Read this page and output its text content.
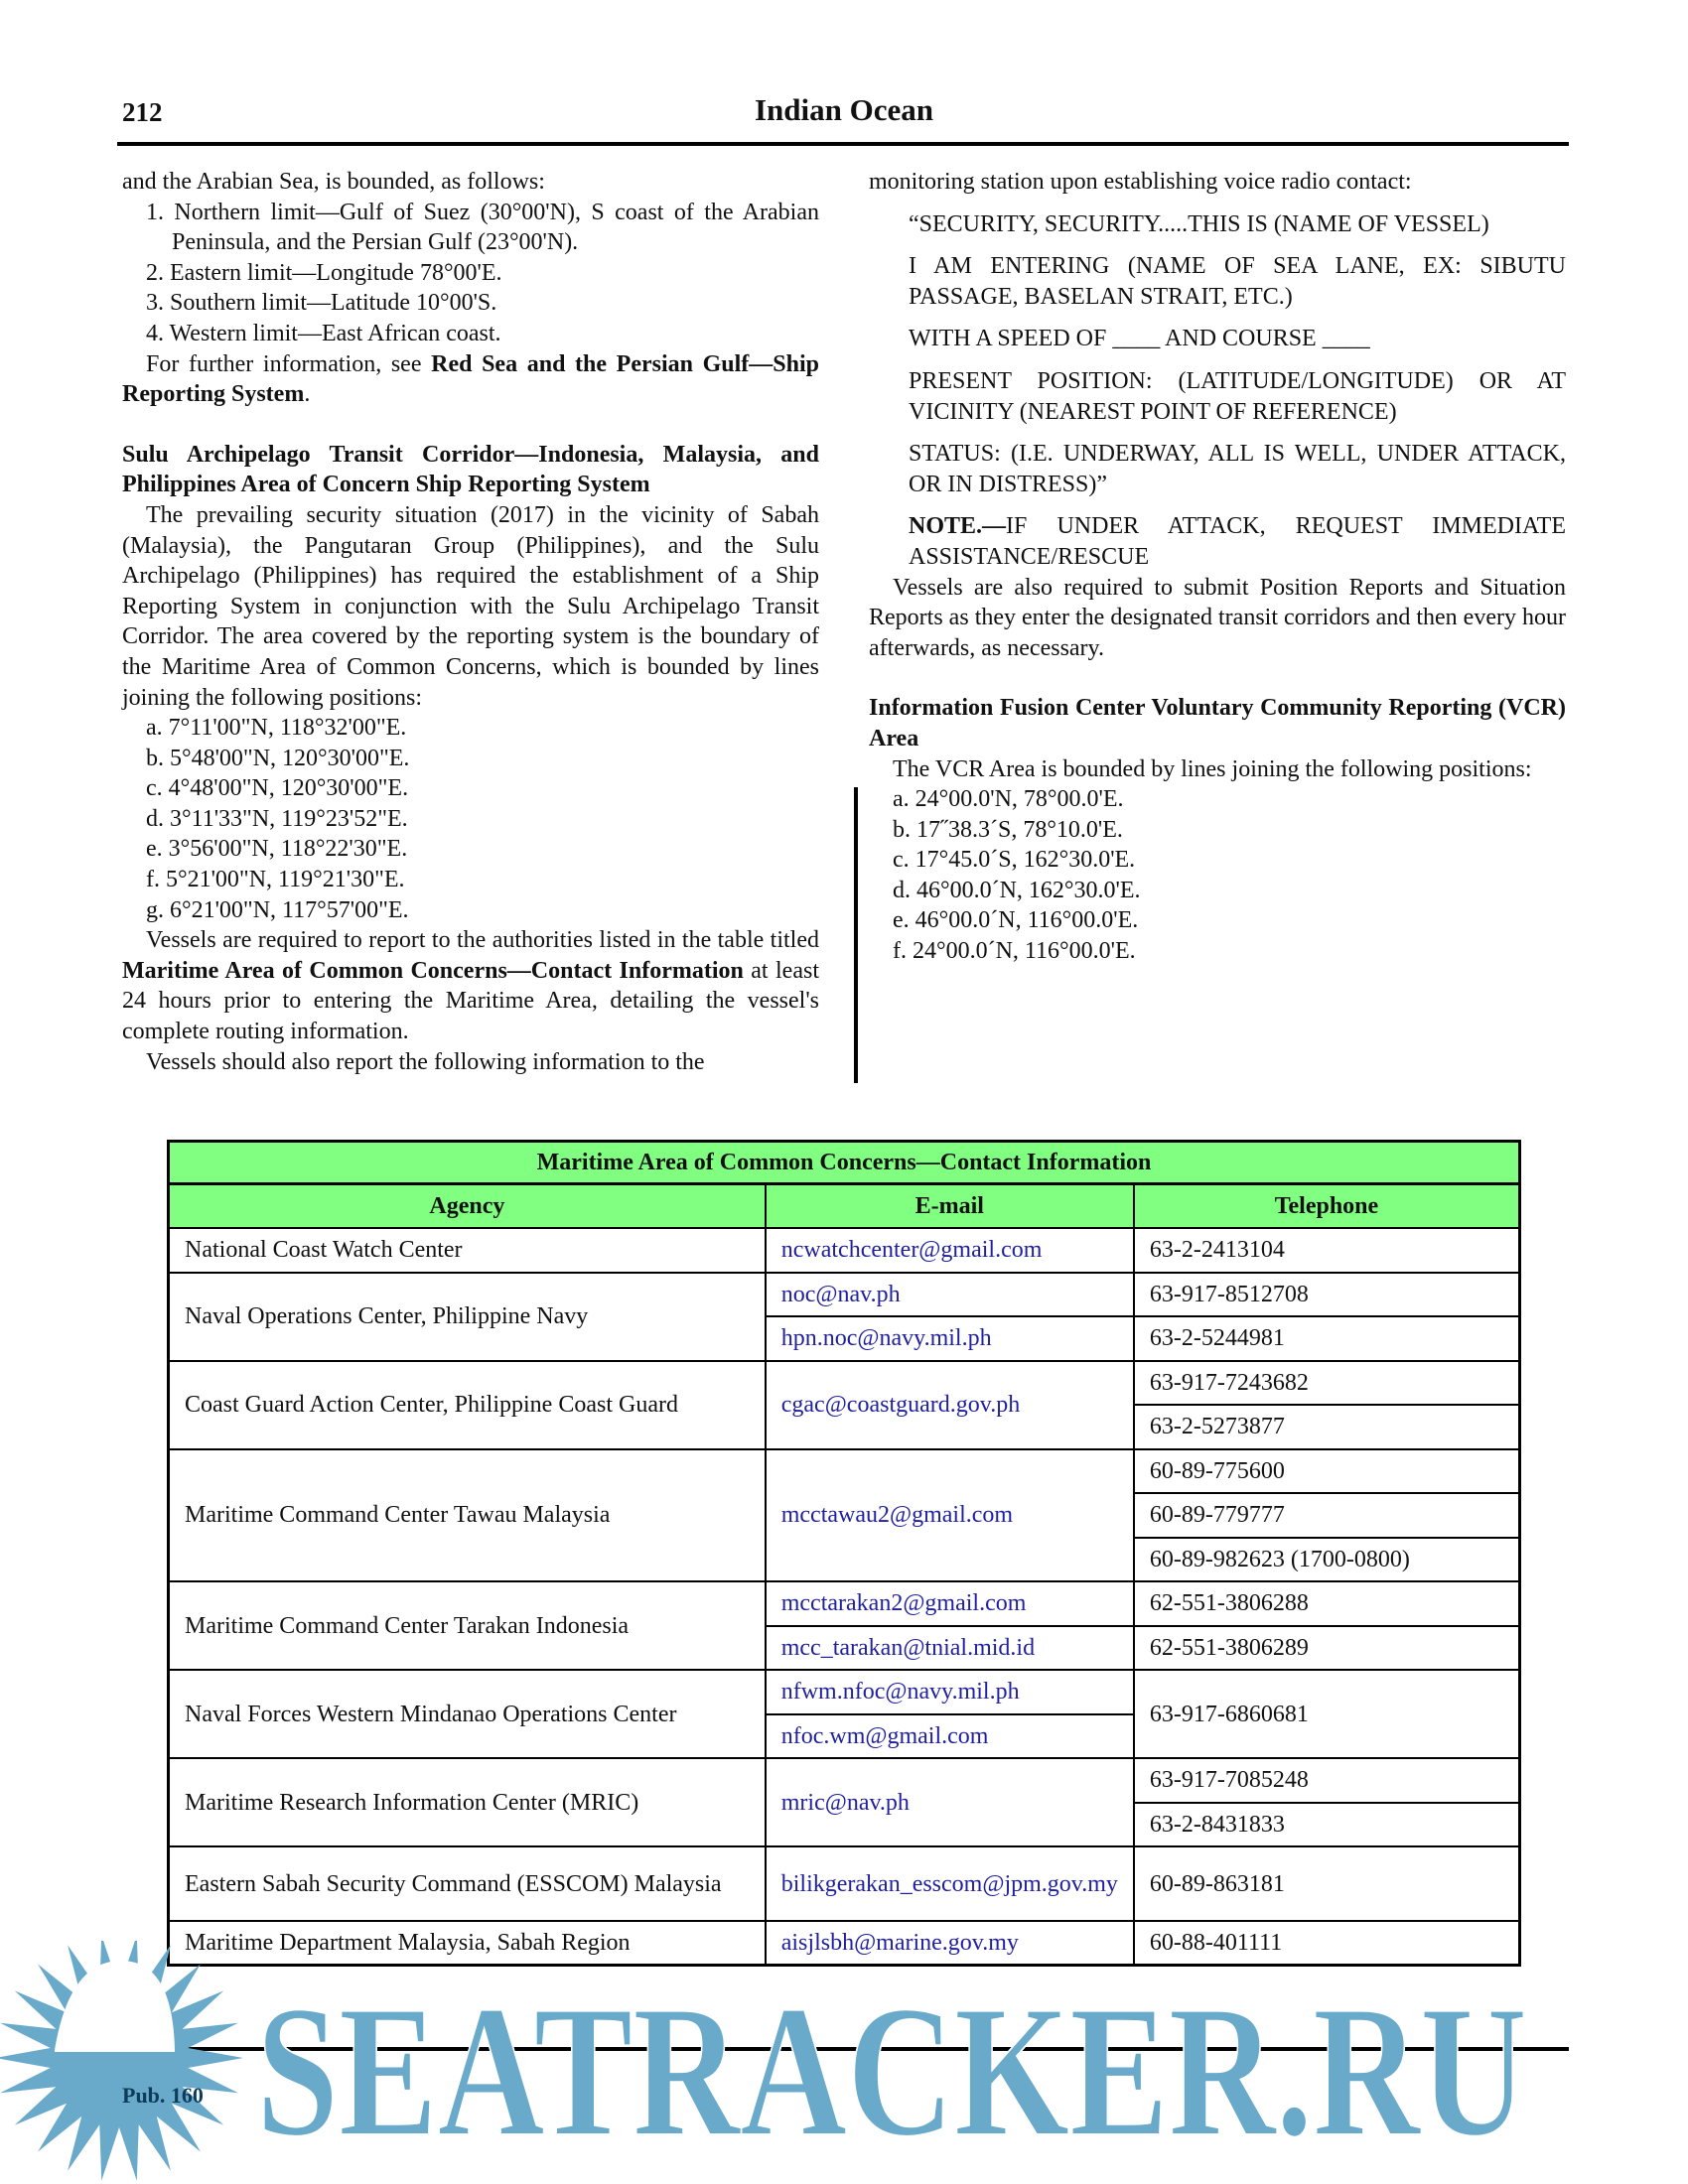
212	Indian Ocean

and the Arabian Sea, is bounded, as follows:

1. Northern limit—Gulf of Suez (30°00'N), S coast of the Arabian Peninsula, and the Persian Gulf (23°00'N).

2. Eastern limit—Longitude 78°00'E.

3. Southern limit—Latitude 10°00'S.

4. Western limit—East African coast.

For further information, see Red Sea and the Persian Gulf—Ship Reporting System.

Sulu Archipelago Transit Corridor—Indonesia, Malaysia, and Philippines Area of Concern Ship Reporting System

The prevailing security situation (2017) in the vicinity of Sabah (Malaysia), the Pangutaran Group (Philippines), and the Sulu Archipelago (Philippines) has required the establishment of a Ship Reporting System in conjunction with the Sulu Archipelago Transit Corridor. The area covered by the reporting system is the boundary of the Maritime Area of Common Concerns, which is bounded by lines joining the following positions:

a. 7°11'00"N, 118°32'00"E.

b. 5°48'00"N, 120°30'00"E.

c. 4°48'00"N, 120°30'00"E.

d. 3°11'33"N, 119°23'52"E.

e. 3°56'00"N, 118°22'30"E.

f. 5°21'00"N, 119°21'30"E.

g. 6°21'00"N, 117°57'00"E.

Vessels are required to report to the authorities listed in the table titled Maritime Area of Common Concerns—Contact Information at least 24 hours prior to entering the Maritime Area, detailing the vessel's complete routing information.

Vessels should also report the following information to the

monitoring station upon establishing voice radio contact:

“SECURITY, SECURITY.....THIS IS (NAME OF VESSEL)

I AM ENTERING (NAME OF SEA LANE, EX: SIBUTU PASSAGE, BASELAN STRAIT, ETC.)

WITH A SPEED OF ____ AND COURSE ____

PRESENT POSITION: (LATITUDE/LONGITUDE) OR AT VICINITY (NEAREST POINT OF REFERENCE)

STATUS: (I.E. UNDERWAY, ALL IS WELL, UNDER ATTACK, OR IN DISTRESS)”

NOTE.—IF UNDER ATTACK, REQUEST IMMEDIATE ASSISTANCE/RESCUE

Vessels are also required to submit Position Reports and Situation Reports as they enter the designated transit corridors and then every hour afterwards, as necessary.

Information Fusion Center Voluntary Community Reporting (VCR) Area

The VCR Area is bounded by lines joining the following positions:

a. 24°00.0'N, 78°00.0'E.

b. 17˝38.3´S, 78°10.0'E.

c. 17°45.0´S, 162°30.0'E.

d. 46°00.0´N, 162°30.0'E.

e. 46°00.0´N, 116°00.0'E.

f. 24°00.0´N, 116°00.0'E.

Maritime Area of Common Concerns—Contact Information		
Agency	E-mail	Telephone
National Coast Watch Center	ncwatchcenter@gmail.com	63-2-2413104
Naval Operations Center, Philippine Navy	noc@nav.ph	63-917-8512708
	hpn.noc@navy.mil.ph	63-2-5244981
Coast Guard Action Center, Philippine Coast Guard	cgac@coastguard.gov.ph	63-917-7243682
		63-2-5273877
Maritime Command Center Tawau Malaysia	mcctawau2@gmail.com	60-89-775600
		60-89-779777
		60-89-982623 (1700-0800)
Maritime Command Center Tarakan Indonesia	mcctarakan2@gmail.com	62-551-3806288
	mcc_tarakan@tnial.mid.id	62-551-3806289
Naval Forces Western Mindanao Operations Center	nfwm.nfoc@navy.mil.ph	63-917-6860681
	nfoc.wm@gmail.com	
Maritime Research Information Center (MRIC)	mric@nav.ph	63-917-7085248
		63-2-8431833
Eastern Sabah Security Command (ESSCOM) Malaysia	bilikgerakan_esscom@jpm.gov.my	60-89-863181
Maritime Department Malaysia, Sabah Region	aisjlsbh@marine.gov.my	60-88-401111
SEATRACKER.RU
Pub. 160
